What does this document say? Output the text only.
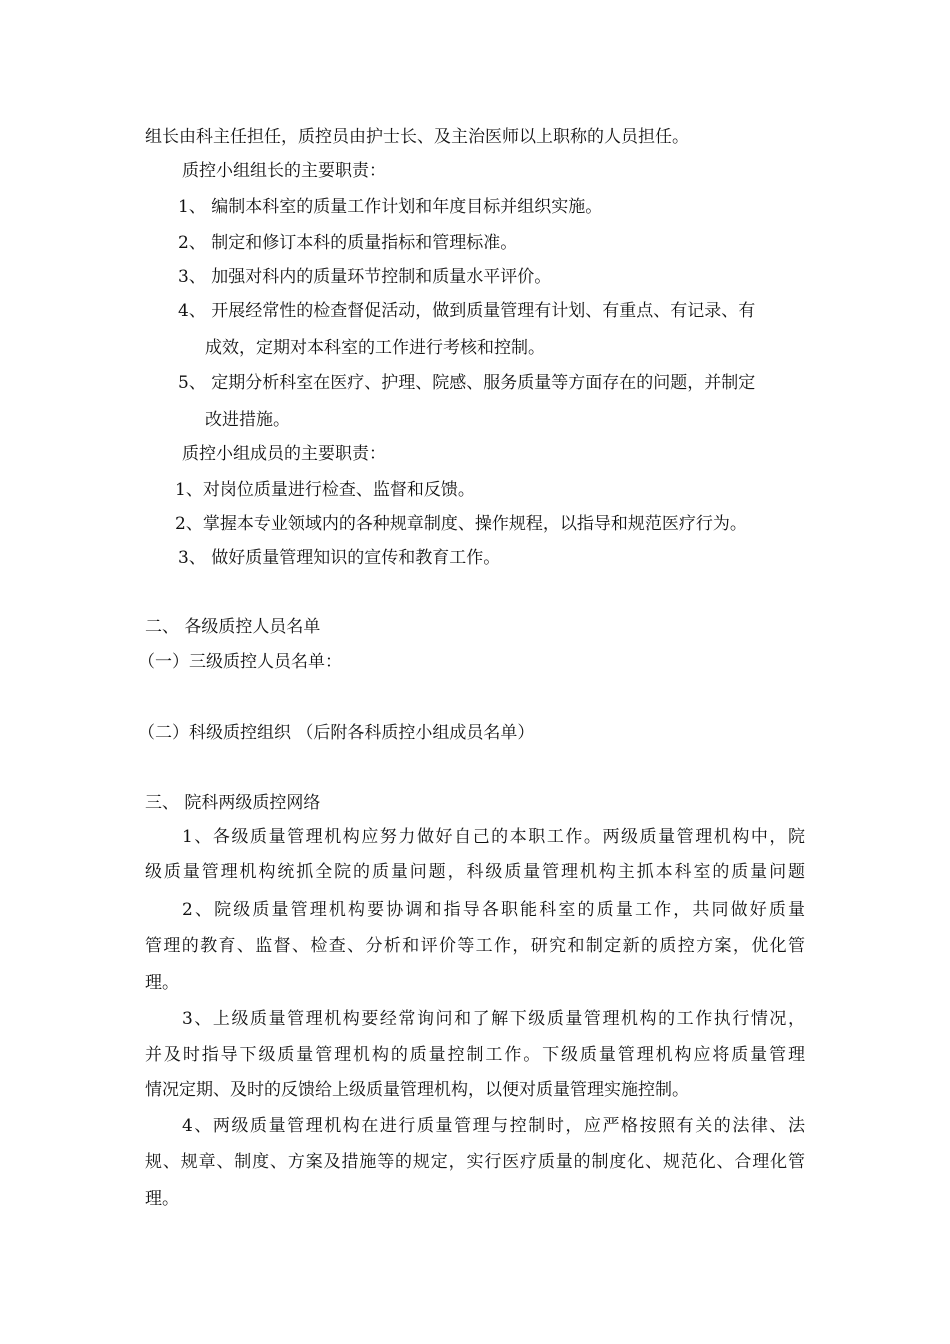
组长由科主任担任，质控员由护士长、及主治医师以上职称的人员担任。
质控小组组长的主要职责：
1、 编制本科室的质量工作计划和年度目标并组织实施。
2、 制定和修订本科的质量指标和管理标准。
3、 加强对科内的质量环节控制和质量水平评价。
4、 开展经常性的检查督促活动，做到质量管理有计划、有重点、有记录、有
成效，定期对本科室的工作进行考核和控制。
5、 定期分析科室在医疗、护理、院感、服务质量等方面存在的问题，并制定
改进措施。
质控小组成员的主要职责：
1、对岗位质量进行检查、监督和反馈。
2、掌握本专业领域内的各种规章制度、操作规程，以指导和规范医疗行为。
3、 做好质量管理知识的宣传和教育工作。
二、 各级质控人员名单
（一）三级质控人员名单：
（二）科级质控组织 （后附各科质控小组成员名单）
三、 院科两级质控网络
1、各级质量管理机构应努力做好自己的本职工作。两级质量管理机构中，院
级质量管理机构统抓全院的质量问题，科级质量管理机构主抓本科室的质量问题
2、院级质量管理机构要协调和指导各职能科室的质量工作，共同做好质量
管理的教育、监督、检查、分析和评价等工作，研究和制定新的质控方案，优化管
理。
3、上级质量管理机构要经常询问和了解下级质量管理机构的工作执行情况，
并及时指导下级质量管理机构的质量控制工作。下级质量管理机构应将质量管理
情况定期、及时的反馈给上级质量管理机构，以便对质量管理实施控制。
4、两级质量管理机构在进行质量管理与控制时，应严格按照有关的法律、法
规、规章、制度、方案及措施等的规定，实行医疗质量的制度化、规范化、合理化管
理。
